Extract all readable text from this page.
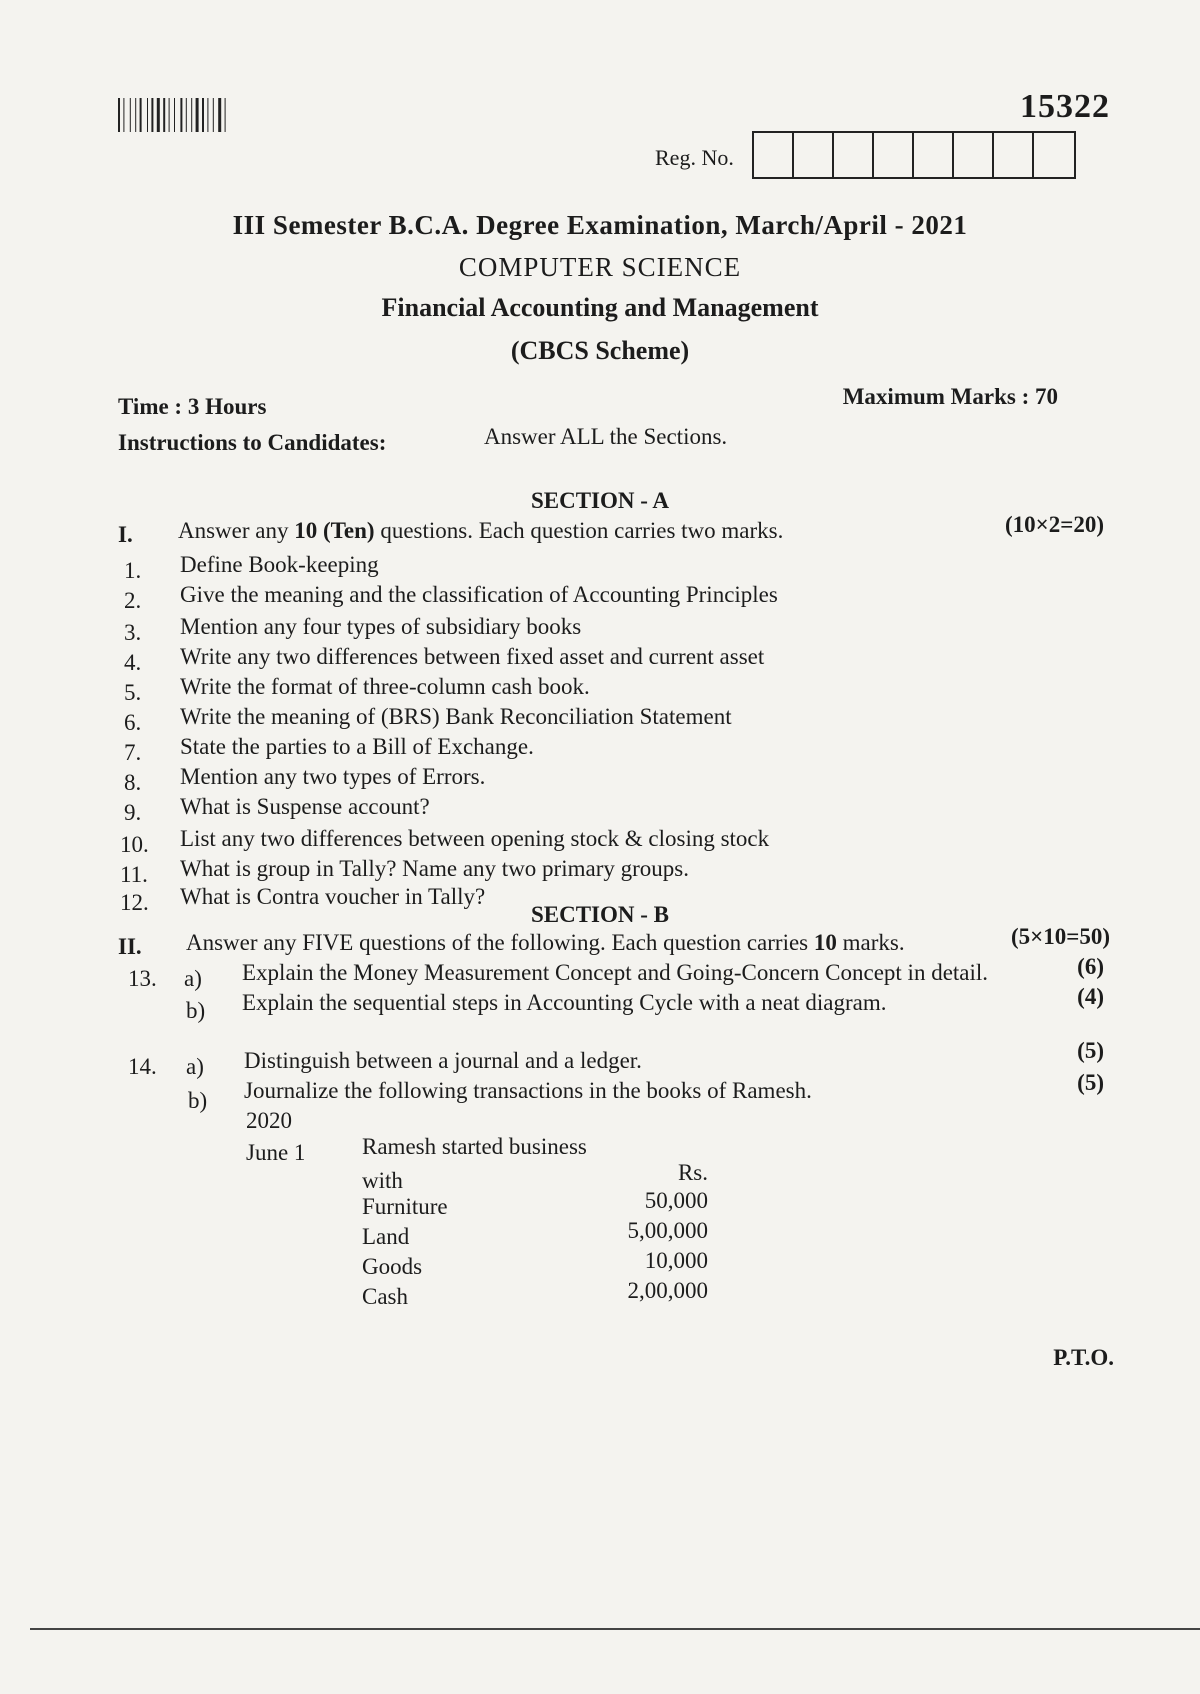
15322
Reg. No.
III Semester B.C.A. Degree Examination, March/April - 2021
COMPUTER SCIENCE
Financial Accounting and Management
(CBCS Scheme)
Time : 3 Hours	Maximum Marks : 70
Instructions to Candidates:	Answer ALL the Sections.
SECTION - A
I. Answer any 10 (Ten) questions. Each question carries two marks.	(10×2=20)
1. Define Book-keeping
2. Give the meaning and the classification of Accounting Principles
3. Mention any four types of subsidiary books
4. Write any two differences between fixed asset and current asset
5. Write the format of three-column cash book.
6. Write the meaning of (BRS) Bank Reconciliation Statement
7. State the parties to a Bill of Exchange.
8. Mention any two types of Errors.
9. What is Suspense account?
10. List any two differences between opening stock & closing stock
11. What is group in Tally? Name any two primary groups.
12. What is Contra voucher in Tally?
SECTION - B
II. Answer any FIVE questions of the following. Each question carries 10 marks.	(5×10=50)
13. a) Explain the Money Measurement Concept and Going-Concern Concept in detail.	(6)
b) Explain the sequential steps in Accounting Cycle with a neat diagram.	(4)
14. a) Distinguish between a journal and a ledger.	(5)
b) Journalize the following transactions in the books of Ramesh.	(5)
2020
June 1 Ramesh started business
with	Rs.
Furniture	50,000
Land	5,00,000
Goods	10,000
Cash	2,00,000
P.T.O.
